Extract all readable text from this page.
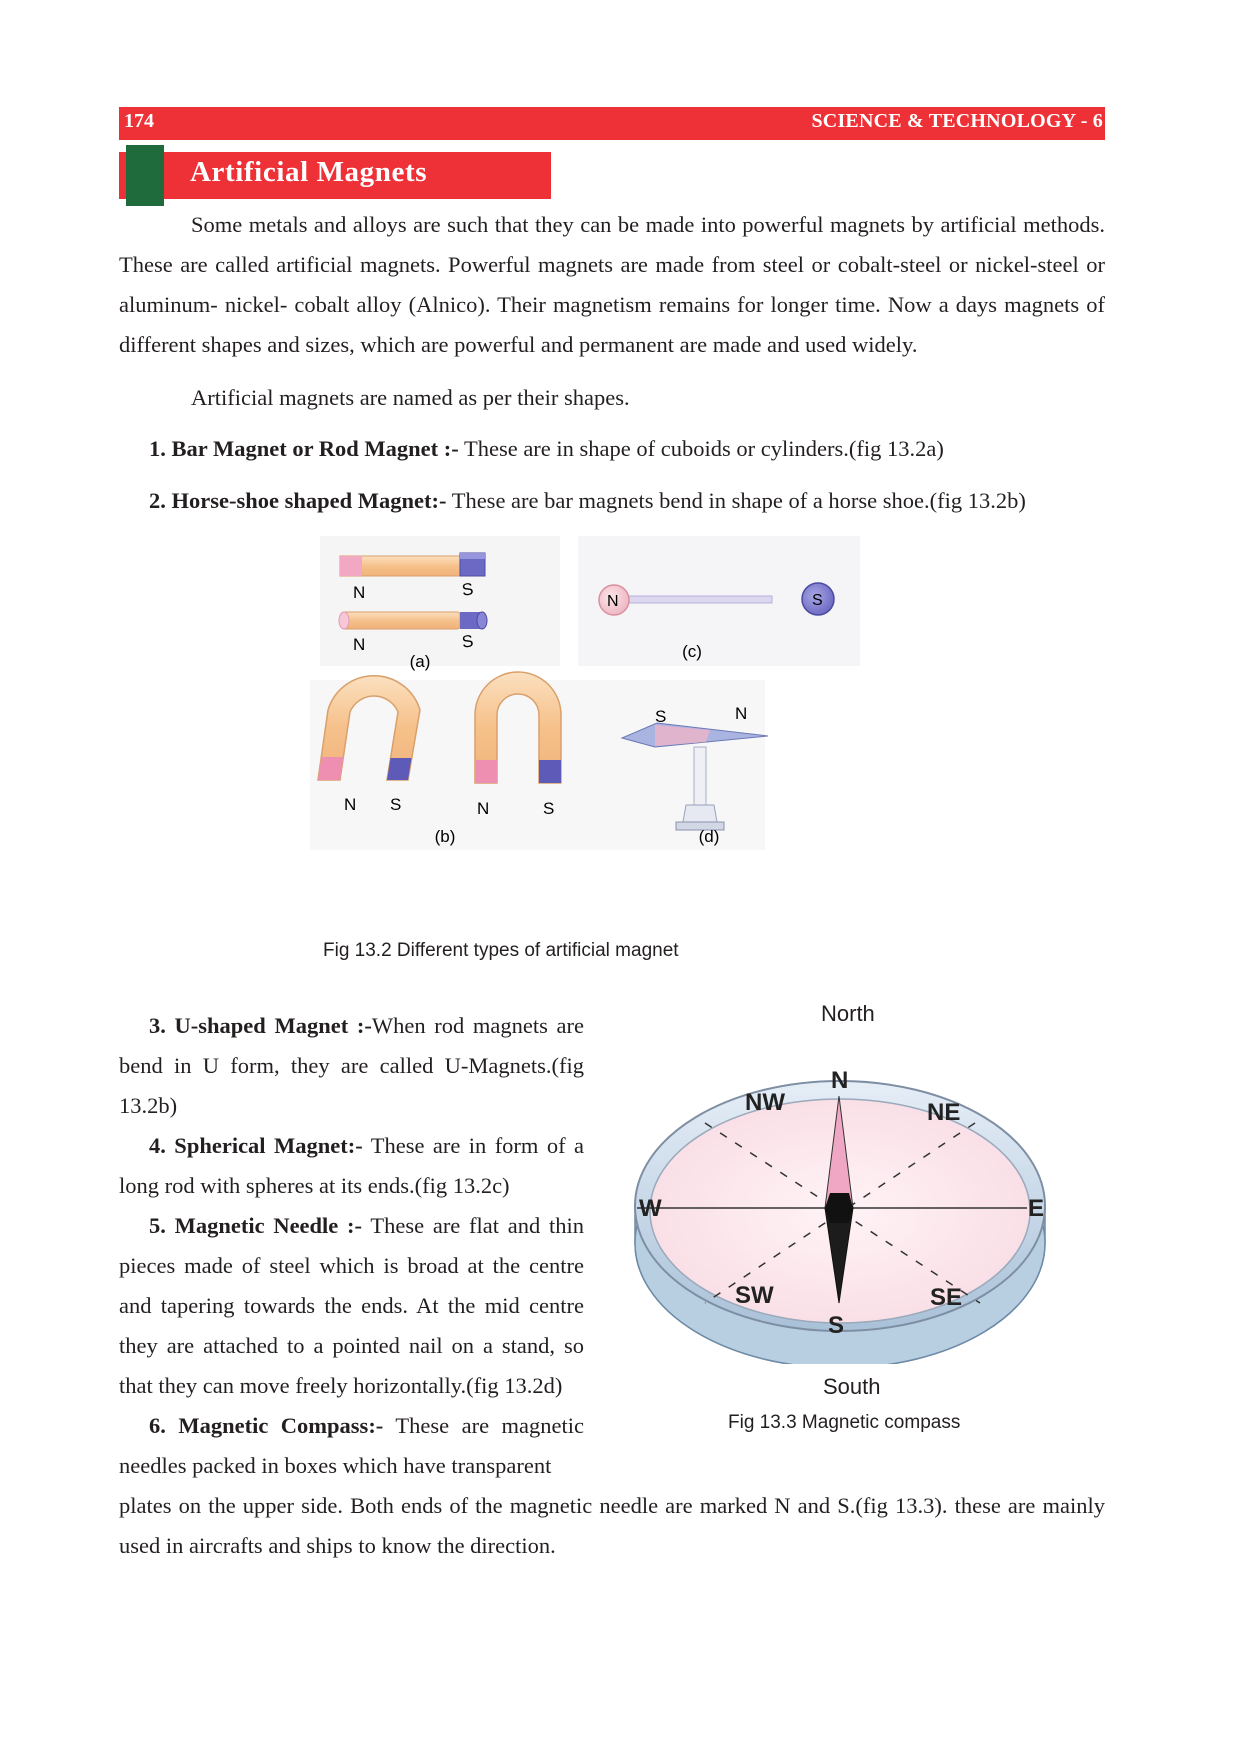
174	SCIENCE & TECHNOLOGY - 6
Artificial Magnets
Some metals and alloys are such that they can be made into powerful magnets by artificial methods. These are called artificial magnets. Powerful magnets are made from steel or cobalt-steel or nickel-steel or aluminum- nickel- cobalt alloy (Alnico). Their magnetism remains for longer time. Now a days magnets of different shapes and sizes, which are powerful and permanent are made and used widely.
Artificial magnets are named as per their shapes.
1. Bar Magnet or Rod Magnet :- These are in shape of cuboids or cylinders.(fig 13.2a)
2. Horse-shoe shaped Magnet:- These are bar magnets bend in shape of a horse shoe.(fig 13.2b)
N	S
N	S
(a)
N	S
(c)
N S	N	S
(b)
S	N
(d)
Fig 13.2 Different types of artificial magnet
3. U-shaped Magnet :-When rod magnets are bend in U form, they are called U-Magnets.(fig 13.2b)
4. Spherical Magnet:- These are in form of a long rod with spheres at its ends.(fig 13.2c)
5. Magnetic Needle :- These are flat and thin pieces made of steel which is broad at the centre and tapering towards the ends. At the mid centre they are attached to a pointed nail on a stand, so that they can move freely horizontally.(fig 13.2d)
6. Magnetic Compass:- These are magnetic needles packed in boxes which have transparent
plates on the upper side. Both ends of the magnetic needle are marked N and S.(fig 13.3). these are mainly used in aircrafts and ships to know the direction.
North
N
S
W	E
NW	NE
SW	SE
South
Fig 13.3 Magnetic compass
